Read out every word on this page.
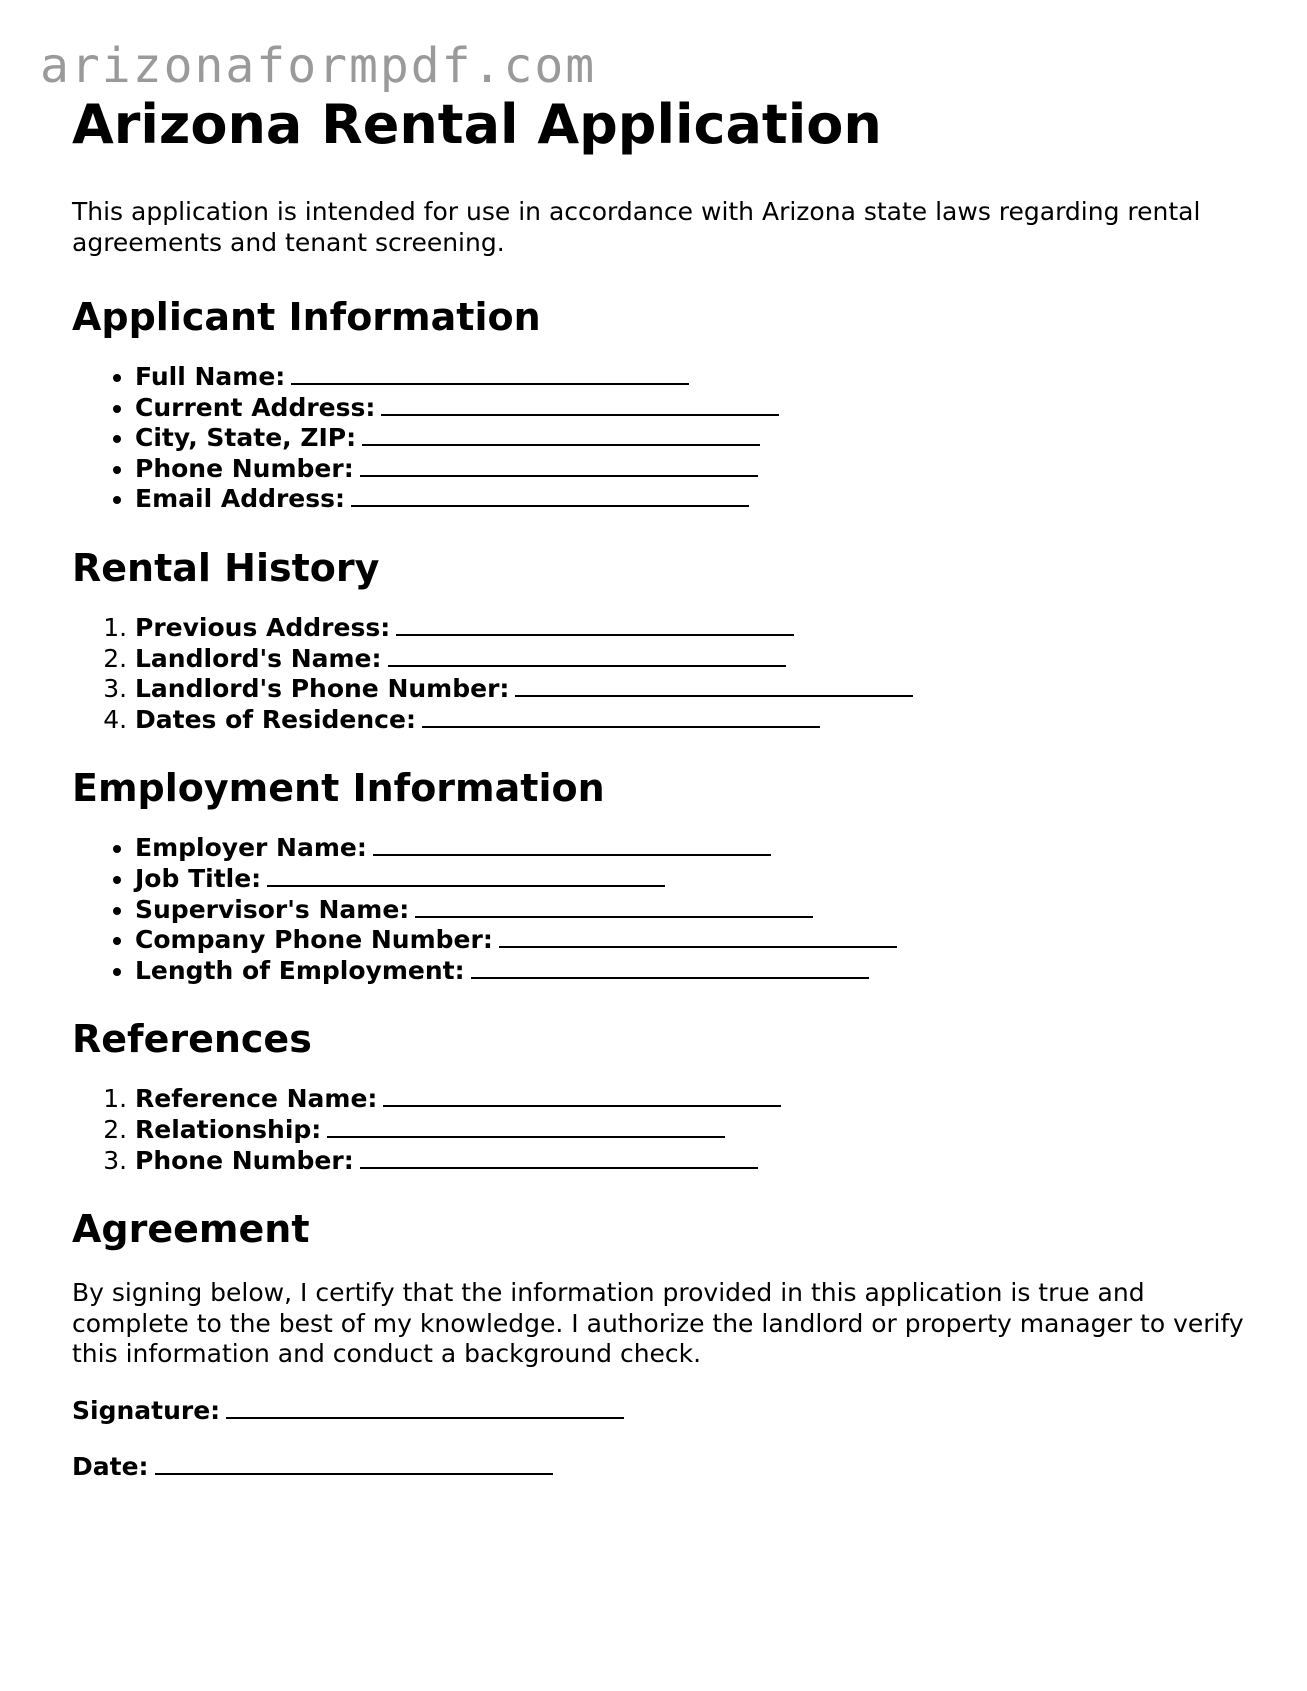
arizonaformpdf.com
Arizona Rental Application

This application is intended for use in accordance with Arizona state laws regarding rental agreements and tenant screening.

Applicant Information
• Full Name:
• Current Address:
• City, State, ZIP:
• Phone Number:
• Email Address:
Rental History
1. Previous Address:
2. Landlord's Name:
3. Landlord's Phone Number:
4. Dates of Residence:
Employment Information
• Employer Name:
• Job Title:
• Supervisor's Name:
• Company Phone Number:
• Length of Employment:
References
1. Reference Name:
2. Relationship:
3. Phone Number:
Agreement

By signing below, I certify that the information provided in this application is true and complete to the best of my knowledge. I authorize the landlord or property manager to verify this information and conduct a background check.

Signature:

Date:
